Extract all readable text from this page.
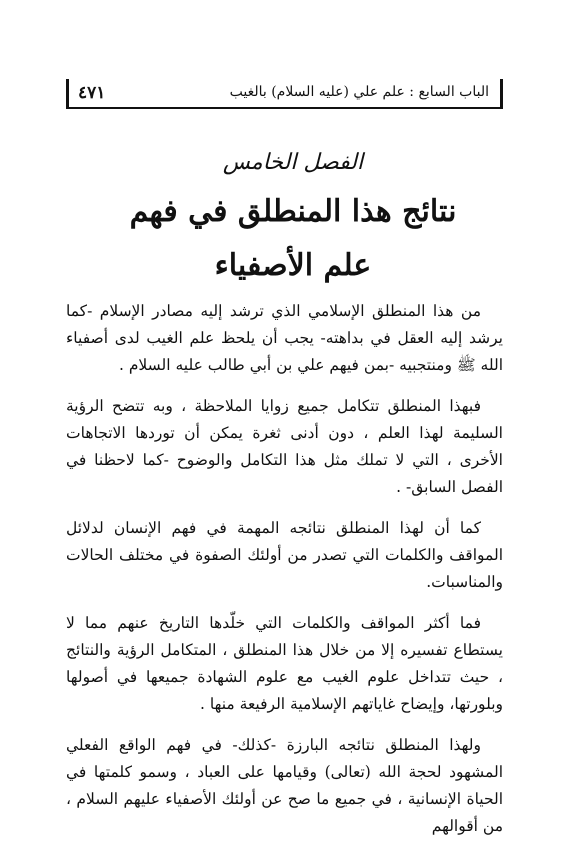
٤٧١	الباب السابع : علم علي (عليه السلام) بالغيب
الفصل الخامس
نتائج هذا المنطلق في فهم
علم الأصفياء

من هذا المنطلق الإسلامي الذي ترشد إليه مصادر الإسلام -كما يرشد إليه العقل في بداهته- يجب أن يلحظ علم الغيب لدى أصفياء الله ﷺ ومنتجبيه -بمن فيهم علي بن أبي طالب عليه السلام .

فبهذا المنطلق تتكامل جميع زوايا الملاحظة ، وبه تتضح الرؤية السليمة لهذا العلم ، دون أدنى ثغرة يمكن أن توردها الاتجاهات الأخرى ، التي لا تملك مثل هذا التكامل والوضوح -كما لاحظنا في الفصل السابق- .

كما أن لهذا المنطلق نتائجه المهمة في فهم الإنسان لدلائل المواقف والكلمات التي تصدر من أولئك الصفوة في مختلف الحالات والمناسبات.

فما أكثر المواقف والكلمات التي خلّدها التاريخ عنهم مما لا يستطاع تفسيره إلا من خلال هذا المنطلق ، المتكامل الرؤية والنتائج ، حيث تتداخل علوم الغيب مع علوم الشهادة جميعها في أصولها وبلورتها، وإيضاح غاياتهم الإسلامية الرفيعة منها .

ولهذا المنطلق نتائجه البارزة -كذلك- في فهم الواقع الفعلي المشهود لحجة الله (تعالى) وقيامها على العباد ، وسمو كلمتها في الحياة الإنسانية ، في جميع ما صح عن أولئك الأصفياء عليهم السلام ، من أقوالهم
